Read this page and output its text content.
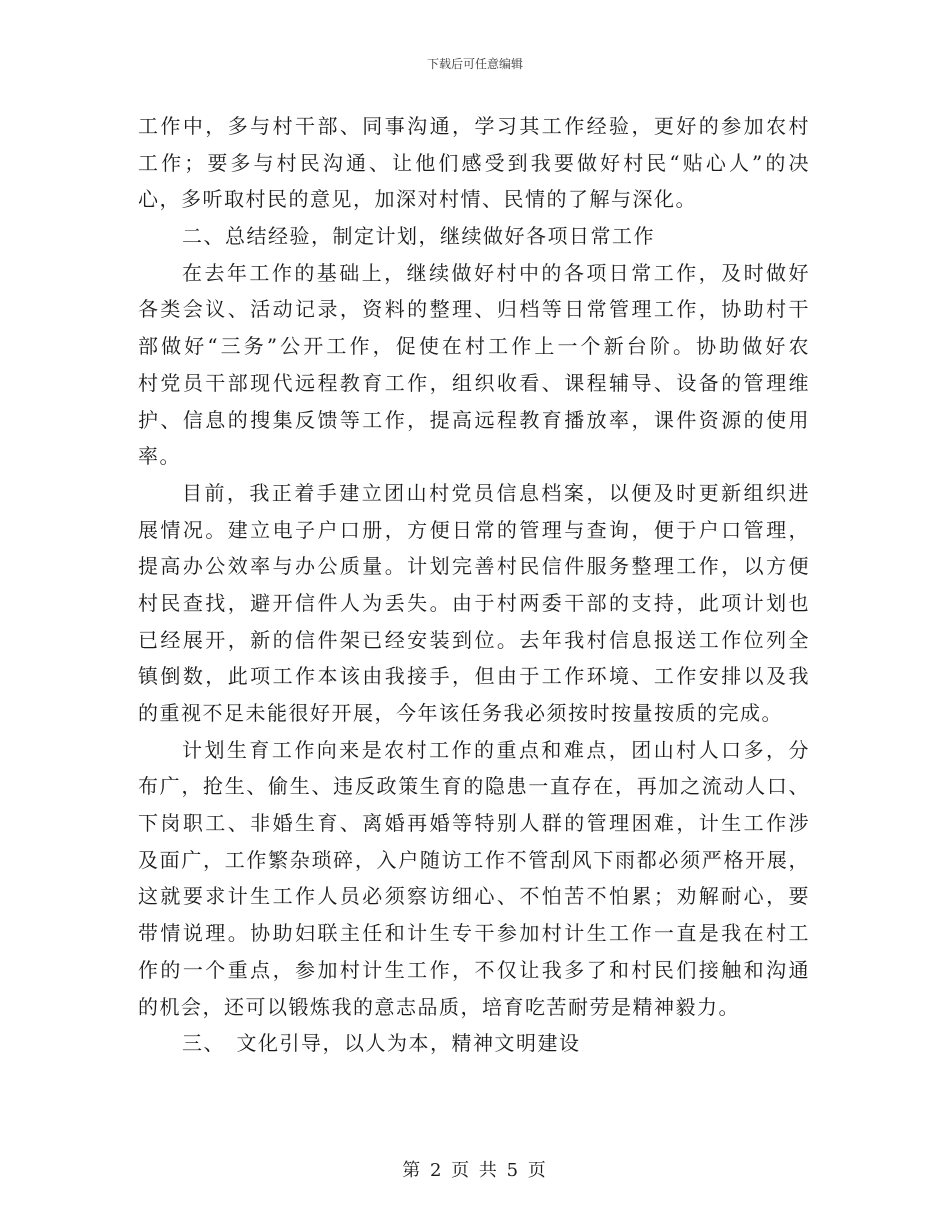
下载后可任意编辑
工作中，多与村干部、同事沟通，学习其工作经验，更好的参加农村
工作；要多与村民沟通、让他们感受到我要做好村民“贴心人”的决
心，多听取村民的意见，加深对村情、民情的了解与深化。
二、总结经验，制定计划，继续做好各项日常工作
在去年工作的基础上，继续做好村中的各项日常工作，及时做好
各类会议、活动记录，资料的整理、归档等日常管理工作，协助村干
部做好“三务”公开工作，促使在村工作上一个新台阶。协助做好农
村党员干部现代远程教育工作，组织收看、课程辅导、设备的管理维
护、信息的搜集反馈等工作，提高远程教育播放率，课件资源的使用
率。
目前，我正着手建立团山村党员信息档案，以便及时更新组织进
展情况。建立电子户口册，方便日常的管理与查询，便于户口管理，
提高办公效率与办公质量。计划完善村民信件服务整理工作，以方便
村民查找，避开信件人为丢失。由于村两委干部的支持，此项计划也
已经展开，新的信件架已经安装到位。去年我村信息报送工作位列全
镇倒数，此项工作本该由我接手，但由于工作环境、工作安排以及我
的重视不足未能很好开展，今年该任务我必须按时按量按质的完成。
计划生育工作向来是农村工作的重点和难点，团山村人口多，分
布广，抢生、偷生、违反政策生育的隐患一直存在，再加之流动人口、
下岗职工、非婚生育、离婚再婚等特别人群的管理困难，计生工作涉
及面广，工作繁杂琐碎，入户随访工作不管刮风下雨都必须严格开展，
这就要求计生工作人员必须察访细心、不怕苦不怕累；劝解耐心，要
带情说理。协助妇联主任和计生专干参加村计生工作一直是我在村工
作的一个重点，参加村计生工作，不仅让我多了和村民们接触和沟通
的机会，还可以锻炼我的意志品质，培育吃苦耐劳是精神毅力。
三、　文化引导，以人为本，精神文明建设
第 2 页 共 5 页
